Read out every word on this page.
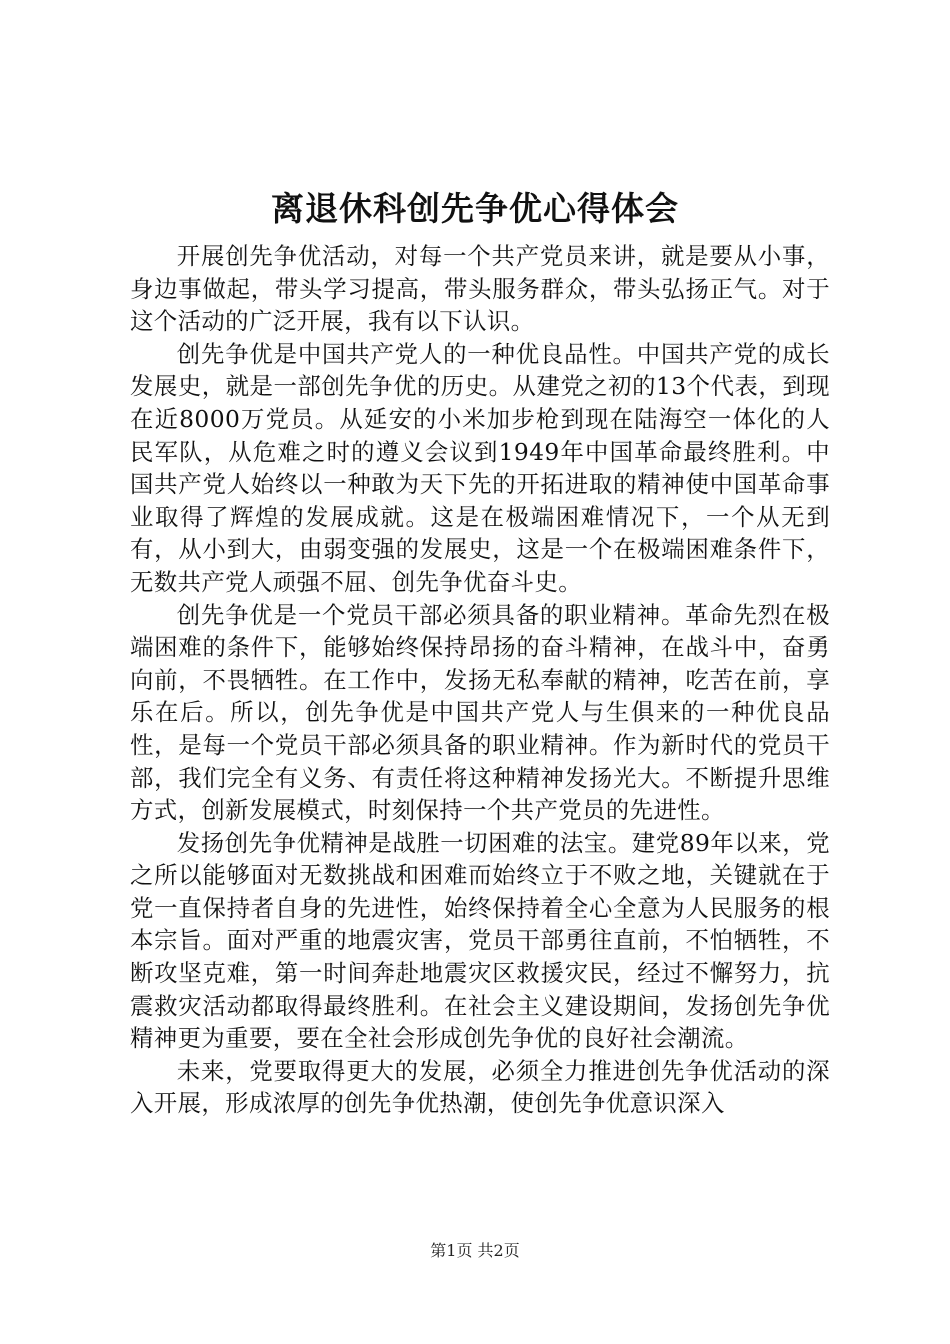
离退休科创先争优心得体会

开展创先争优活动，对每一个共产党员来讲，就是要从小事，身边事做起，带头学习提高，带头服务群众，带头弘扬正气。对于这个活动的广泛开展，我有以下认识。

创先争优是中国共产党人的一种优良品性。中国共产党的成长发展史，就是一部创先争优的历史。从建党之初的13个代表，到现在近8000万党员。从延安的小米加步枪到现在陆海空一体化的人民军队，从危难之时的遵义会议到1949年中国革命最终胜利。中国共产党人始终以一种敢为天下先的开拓进取的精神使中国革命事业取得了辉煌的发展成就。这是在极端困难情况下，一个从无到有，从小到大，由弱变强的发展史，这是一个在极端困难条件下，无数共产党人顽强不屈、创先争优奋斗史。

创先争优是一个党员干部必须具备的职业精神。革命先烈在极端困难的条件下，能够始终保持昂扬的奋斗精神，在战斗中，奋勇向前，不畏牺牲。在工作中，发扬无私奉献的精神，吃苦在前，享乐在后。所以，创先争优是中国共产党人与生俱来的一种优良品性，是每一个党员干部必须具备的职业精神。作为新时代的党员干部，我们完全有义务、有责任将这种精神发扬光大。不断提升思维方式，创新发展模式，时刻保持一个共产党员的先进性。

发扬创先争优精神是战胜一切困难的法宝。建党89年以来，党之所以能够面对无数挑战和困难而始终立于不败之地，关键就在于党一直保持者自身的先进性，始终保持着全心全意为人民服务的根本宗旨。面对严重的地震灾害，党员干部勇往直前，不怕牺牲，不断攻坚克难，第一时间奔赴地震灾区救援灾民，经过不懈努力，抗震救灾活动都取得最终胜利。在社会主义建设期间，发扬创先争优精神更为重要，要在全社会形成创先争优的良好社会潮流。

未来，党要取得更大的发展，必须全力推进创先争优活动的深入开展，形成浓厚的创先争优热潮，使创先争优意识深入

第1页 共2页
